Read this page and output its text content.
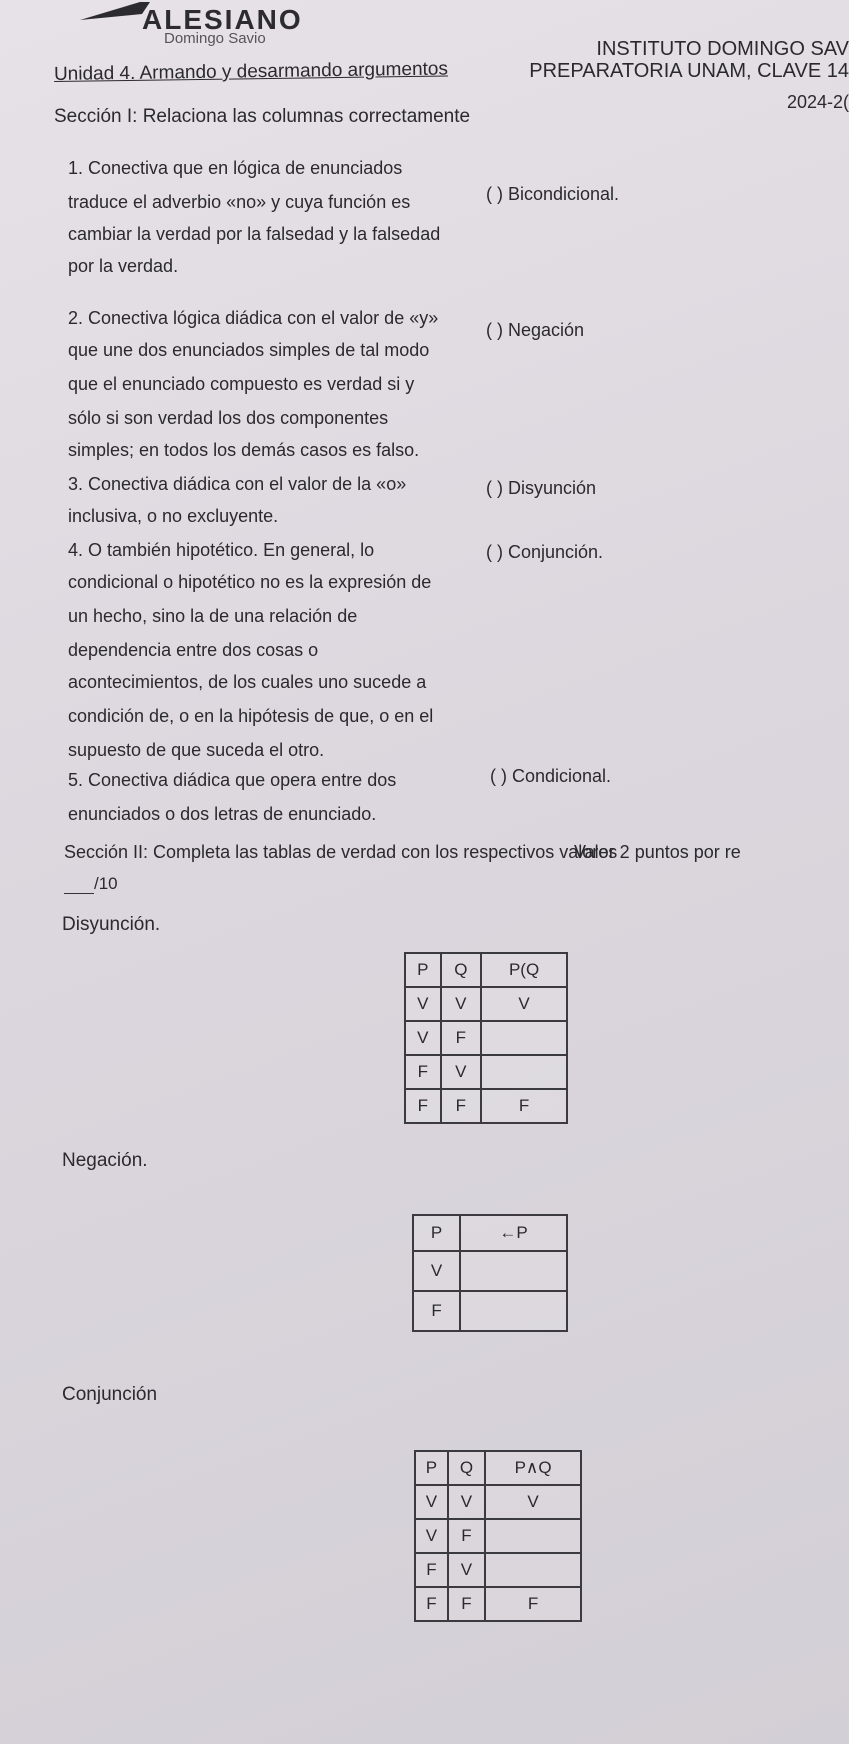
ALESIANO
Domingo Savio	INSTITUTO DOMINGO SAV
PREPARATORIA UNAM, CLAVE 14
2024-2(
Unidad 4. Armando y desarmando argumentos
Sección I: Relaciona las columnas correctamente
1. Conectiva que en lógica de enunciados
traduce el adverbio «no» y cuya función es
cambiar la verdad por la falsedad y la falsedad
por la verdad.
2. Conectiva lógica diádica con el valor de «y»
que une dos enunciados simples de tal modo
que el enunciado compuesto es verdad si y
sólo si son verdad los dos componentes
simples; en todos los demás casos es falso.
3. Conectiva diádica con el valor de la «o»
inclusiva, o no excluyente.
4. O también hipotético. En general, lo
condicional o hipotético no es la expresión de
un hecho, sino la de una relación de
dependencia entre dos cosas o
acontecimientos, de los cuales uno sucede a
condición de, o en la hipótesis de que, o en el
supuesto de que suceda el otro.
5. Conectiva diádica que opera entre dos
enunciados o dos letras de enunciado.
( ) Bicondicional.
( ) Negación
( ) Disyunción
( ) Conjunción.
( ) Condicional.
Sección II: Completa las tablas de verdad con los respectivos valores
Valor 2 puntos por re
/10
Disyunción.
P	Q	P(Q
V	V	V
V	F	
F	V	
F	F	F
Negación.
P	←P
V	
F	
Conjunción
P	Q	P∧Q
V	V	V
V	F	
F	V	
F	F	F
